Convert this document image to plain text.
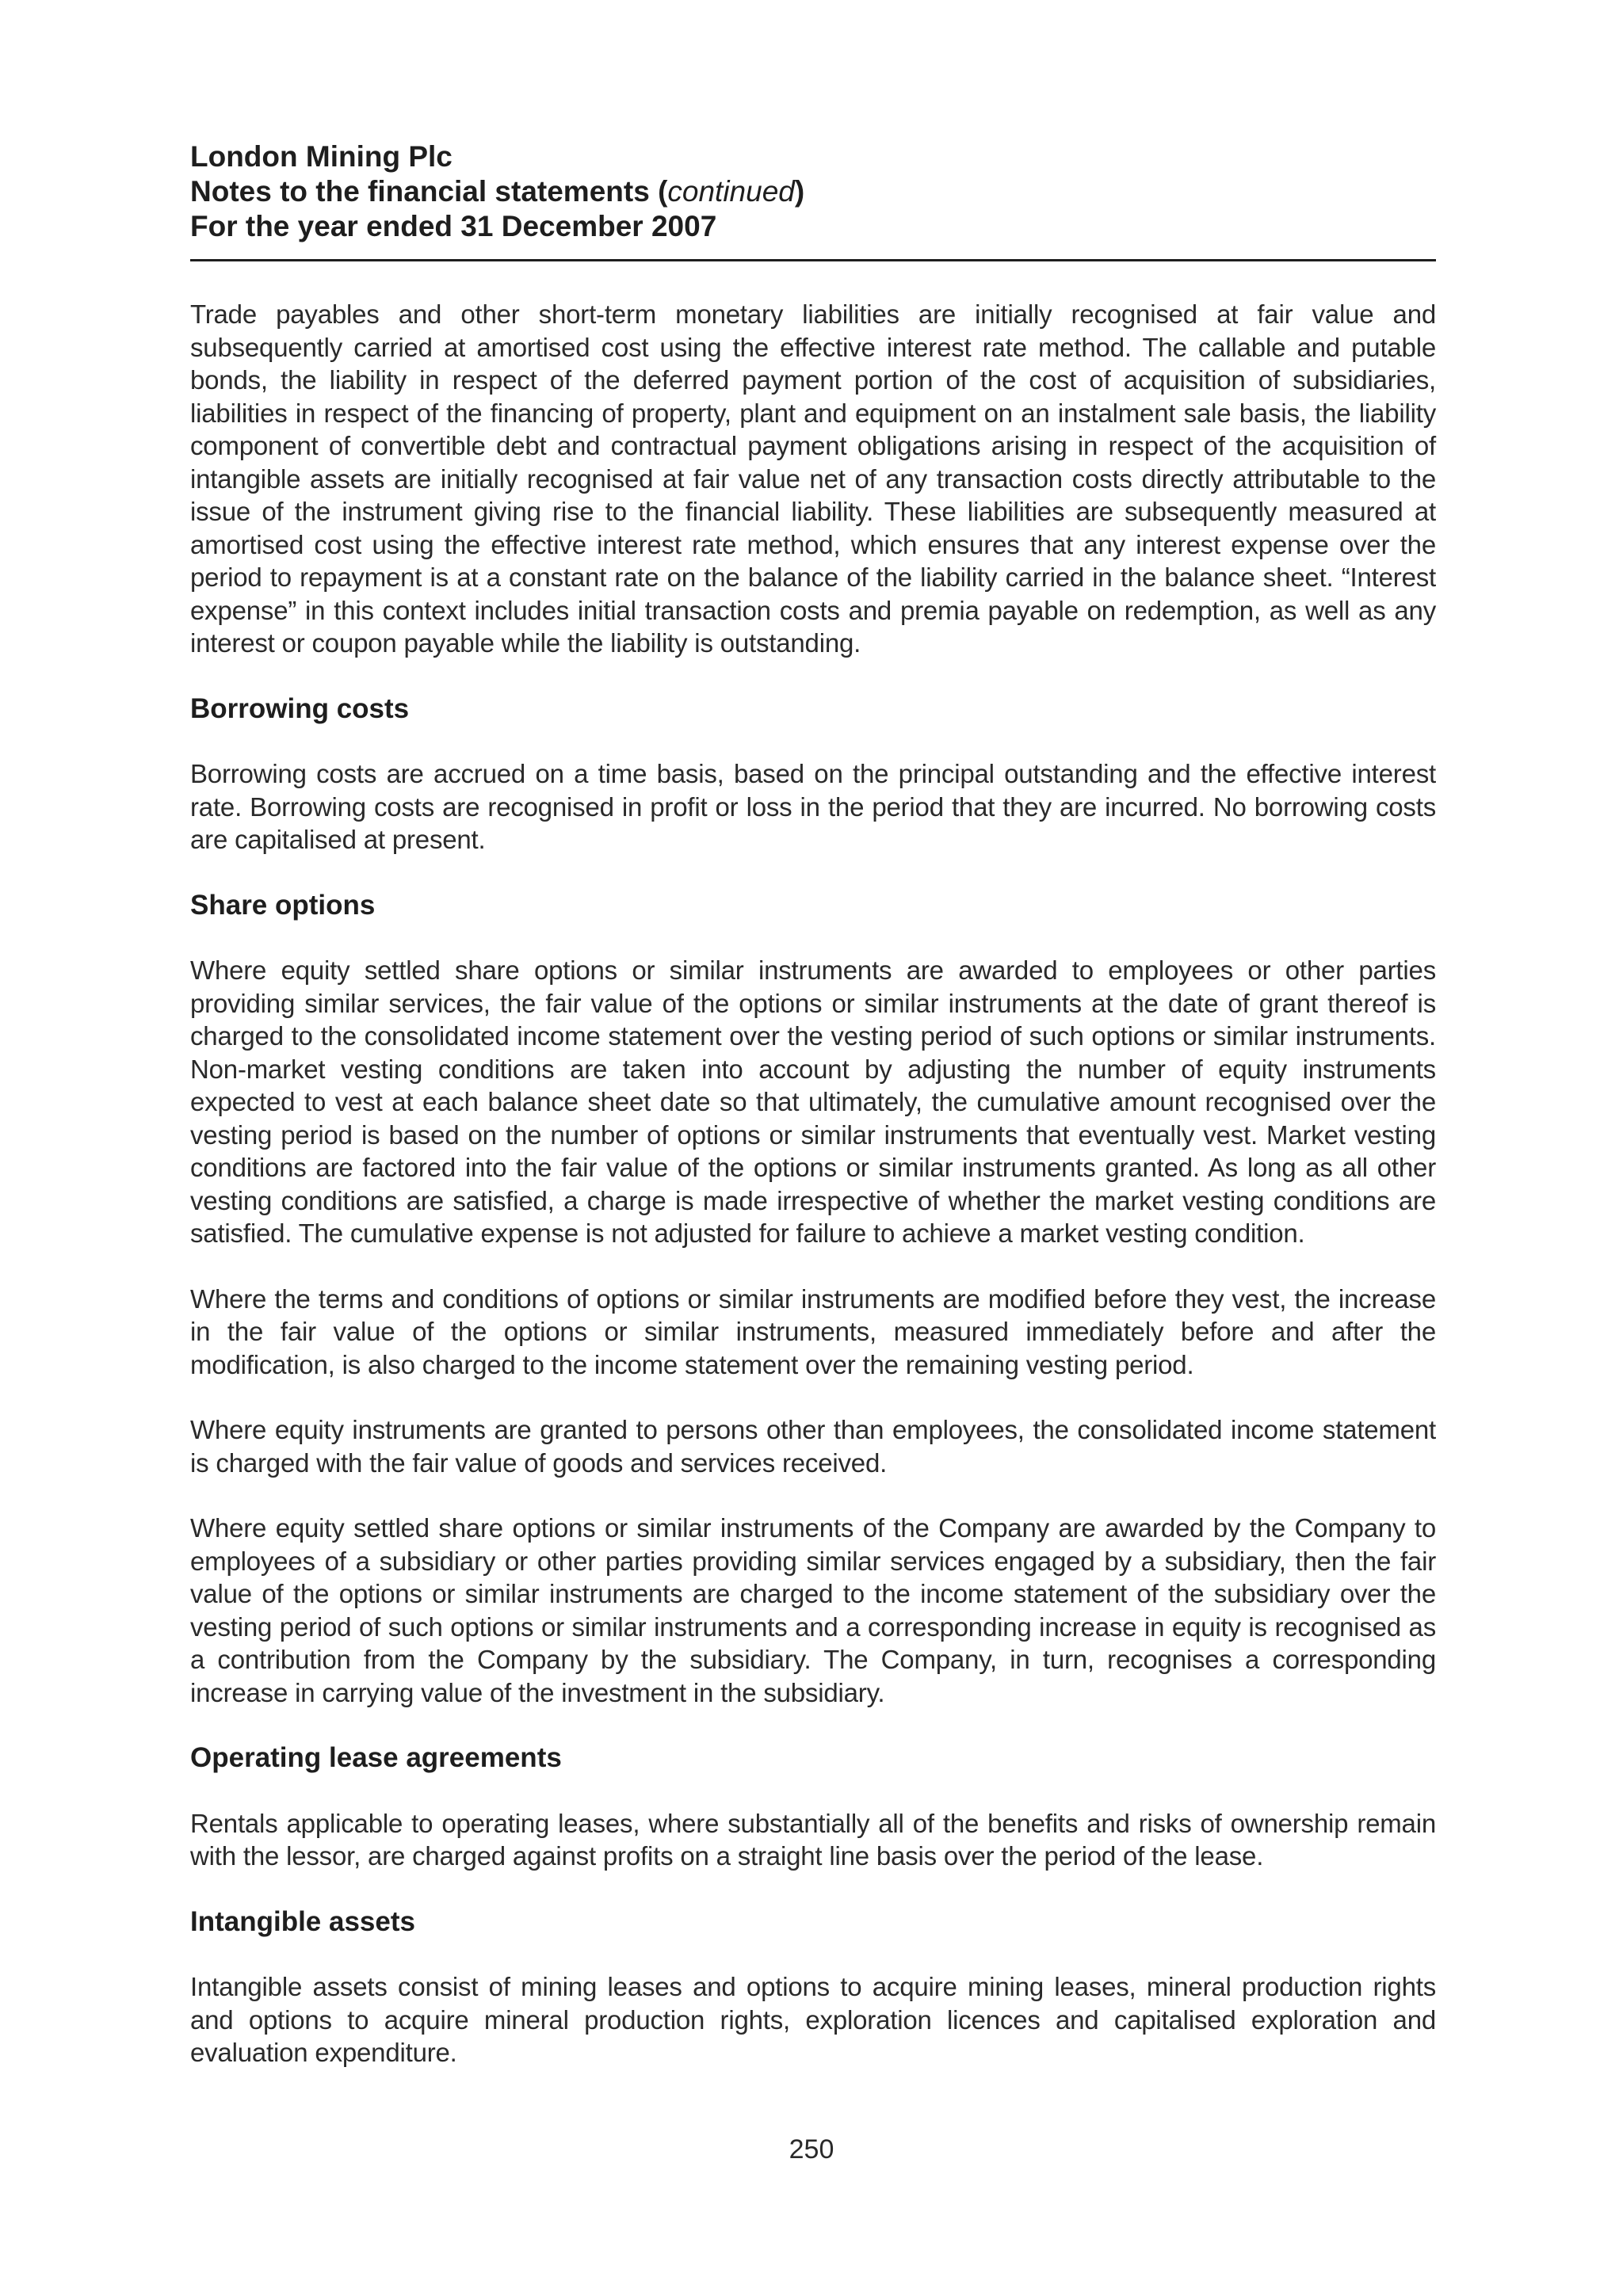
London Mining Plc
Notes to the financial statements (continued)
For the year ended 31 December 2007

Trade payables and other short-term monetary liabilities are initially recognised at fair value and subsequently carried at amortised cost using the effective interest rate method. The callable and putable bonds, the liability in respect of the deferred payment portion of the cost of acquisition of subsidiaries, liabilities in respect of the financing of property, plant and equipment on an instalment sale basis, the liability component of convertible debt and contractual payment obligations arising in respect of the acquisition of intangible assets are initially recognised at fair value net of any transaction costs directly attributable to the issue of the instrument giving rise to the financial liability. These liabilities are subsequently measured at amortised cost using the effective interest rate method, which ensures that any interest expense over the period to repayment is at a constant rate on the balance of the liability carried in the balance sheet. “Interest expense” in this context includes initial transaction costs and premia payable on redemption, as well as any interest or coupon payable while the liability is outstanding.

Borrowing costs

Borrowing costs are accrued on a time basis, based on the principal outstanding and the effective interest rate. Borrowing costs are recognised in profit or loss in the period that they are incurred. No borrowing costs are capitalised at present.

Share options

Where equity settled share options or similar instruments are awarded to employees or other parties providing similar services, the fair value of the options or similar instruments at the date of grant thereof is charged to the consolidated income statement over the vesting period of such options or similar instruments. Non-market vesting conditions are taken into account by adjusting the number of equity instruments expected to vest at each balance sheet date so that ultimately, the cumulative amount recognised over the vesting period is based on the number of options or similar instruments that eventually vest. Market vesting conditions are factored into the fair value of the options or similar instruments granted. As long as all other vesting conditions are satisfied, a charge is made irrespective of whether the market vesting conditions are satisfied. The cumulative expense is not adjusted for failure to achieve a market vesting condition.

Where the terms and conditions of options or similar instruments are modified before they vest, the increase in the fair value of the options or similar instruments, measured immediately before and after the modification, is also charged to the income statement over the remaining vesting period.

Where equity instruments are granted to persons other than employees, the consolidated income statement is charged with the fair value of goods and services received.

Where equity settled share options or similar instruments of the Company are awarded by the Company to employees of a subsidiary or other parties providing similar services engaged by a subsidiary, then the fair value of the options or similar instruments are charged to the income statement of the subsidiary over the vesting period of such options or similar instruments and a corresponding increase in equity is recognised as a contribution from the Company by the subsidiary. The Company, in turn, recognises a corresponding increase in carrying value of the investment in the subsidiary.

Operating lease agreements

Rentals applicable to operating leases, where substantially all of the benefits and risks of ownership remain with the lessor, are charged against profits on a straight line basis over the period of the lease.

Intangible assets

Intangible assets consist of mining leases and options to acquire mining leases, mineral production rights and options to acquire mineral production rights, exploration licences and capitalised exploration and evaluation expenditure.

250
